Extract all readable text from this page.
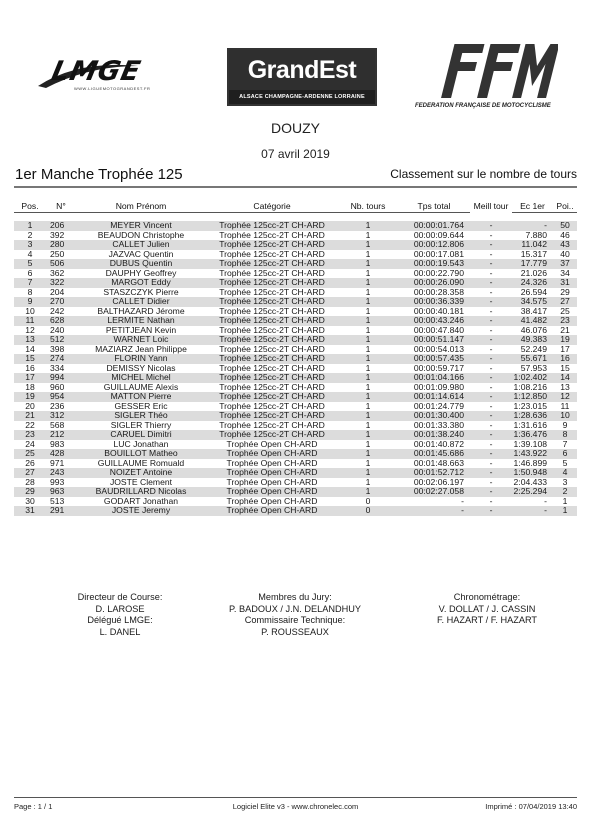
LMGE
WWW.LIGUEMOTOGRANDEST.FR
GrandEst
ALSACE CHAMPAGNE-ARDENNE LORRAINE
FEDERATION FRANÇAISE DE MOTOCYCLISME
DOUZY
07 avril 2019
1er Manche Trophée 125	Classement sur le nombre de tours
Pos.	N°	Nom Prénom	Catégorie	Nb. tours	Tps total	Meill tour	Ec 1er	Poi..

1	206	MEYER Vincent	Trophée 125cc-2T CH-ARD	1	00:00:01.764	-	-	50
2	392	BEAUDON Christophe	Trophée 125cc-2T CH-ARD	1	00:00:09.644	-	7.880	46
3	280	CALLET Julien	Trophée 125cc-2T CH-ARD	1	00:00:12.806	-	11.042	43
4	250	JAZVAC Quentin	Trophée 125cc-2T CH-ARD	1	00:00:17.081	-	15.317	40
5	506	DUBUS Quentin	Trophée 125cc-2T CH-ARD	1	00:00:19.543	-	17.779	37
6	362	DAUPHY Geoffrey	Trophée 125cc-2T CH-ARD	1	00:00:22.790	-	21.026	34
7	322	MARGOT Eddy	Trophée 125cc-2T CH-ARD	1	00:00:26.090	-	24.326	31
8	204	STASZCZYK Pierre	Trophée 125cc-2T CH-ARD	1	00:00:28.358	-	26.594	29
9	270	CALLET Didier	Trophée 125cc-2T CH-ARD	1	00:00:36.339	-	34.575	27
10	242	BALTHAZARD Jérome	Trophée 125cc-2T CH-ARD	1	00:00:40.181	-	38.417	25
11	628	LERMITE Nathan	Trophée 125cc-2T CH-ARD	1	00:00:43.246	-	41.482	23
12	240	PETITJEAN Kevin	Trophée 125cc-2T CH-ARD	1	00:00:47.840	-	46.076	21
13	512	WARNET Loic	Trophée 125cc-2T CH-ARD	1	00:00:51.147	-	49.383	19
14	398	MAZIARZ Jean Philippe	Trophée 125cc-2T CH-ARD	1	00:00:54.013	-	52.249	17
15	274	FLORIN Yann	Trophée 125cc-2T CH-ARD	1	00:00:57.435	-	55.671	16
16	334	DEMISSY Nicolas	Trophée 125cc-2T CH-ARD	1	00:00:59.717	-	57.953	15
17	994	MICHEL Michel	Trophée 125cc-2T CH-ARD	1	00:01:04.166	-	1:02.402	14
18	960	GUILLAUME Alexis	Trophée 125cc-2T CH-ARD	1	00:01:09.980	-	1:08.216	13
19	954	MATTON Pierre	Trophée 125cc-2T CH-ARD	1	00:01:14.614	-	1:12.850	12
20	236	GESSER Eric	Trophée 125cc-2T CH-ARD	1	00:01:24.779	-	1:23.015	11
21	312	SIGLER Théo	Trophée 125cc-2T CH-ARD	1	00:01:30.400	-	1:28.636	10
22	568	SIGLER Thierry	Trophée 125cc-2T CH-ARD	1	00:01:33.380	-	1:31.616	9
23	212	CARUEL Dimitri	Trophée 125cc-2T CH-ARD	1	00:01:38.240	-	1:36.476	8
24	983	LUC Jonathan	Trophée Open CH-ARD	1	00:01:40.872	-	1:39.108	7
25	428	BOUILLOT Matheo	Trophée Open CH-ARD	1	00:01:45.686	-	1:43.922	6
26	971	GUILLAUME Romuald	Trophée Open CH-ARD	1	00:01:48.663	-	1:46.899	5
27	243	NOIZET Antoine	Trophée Open CH-ARD	1	00:01:52.712	-	1:50.948	4
28	993	JOSTE Clement	Trophée Open CH-ARD	1	00:02:06.197	-	2:04.433	3
29	963	BAUDRILLARD Nicolas	Trophée Open CH-ARD	1	00:02:27.058	-	2:25.294	2
30	513	GODART Jonathan	Trophée Open CH-ARD	0	-	-	-	1
31	291	JOSTE Jeremy	Trophée Open CH-ARD	0	-	-	-	1
Directeur de Course:
D. LAROSE
Délégué LMGE:
L. DANEL
Membres du Jury:
P. BADOUX / J.N. DELANDHUY
Commissaire Technique:
P. ROUSSEAUX
Chronométrage:
V. DOLLAT / J. CASSIN
F. HAZART / F. HAZART
Page : 1 / 1	Logiciel Elite v3 - www.chronelec.com	Imprimé : 07/04/2019 13:40
